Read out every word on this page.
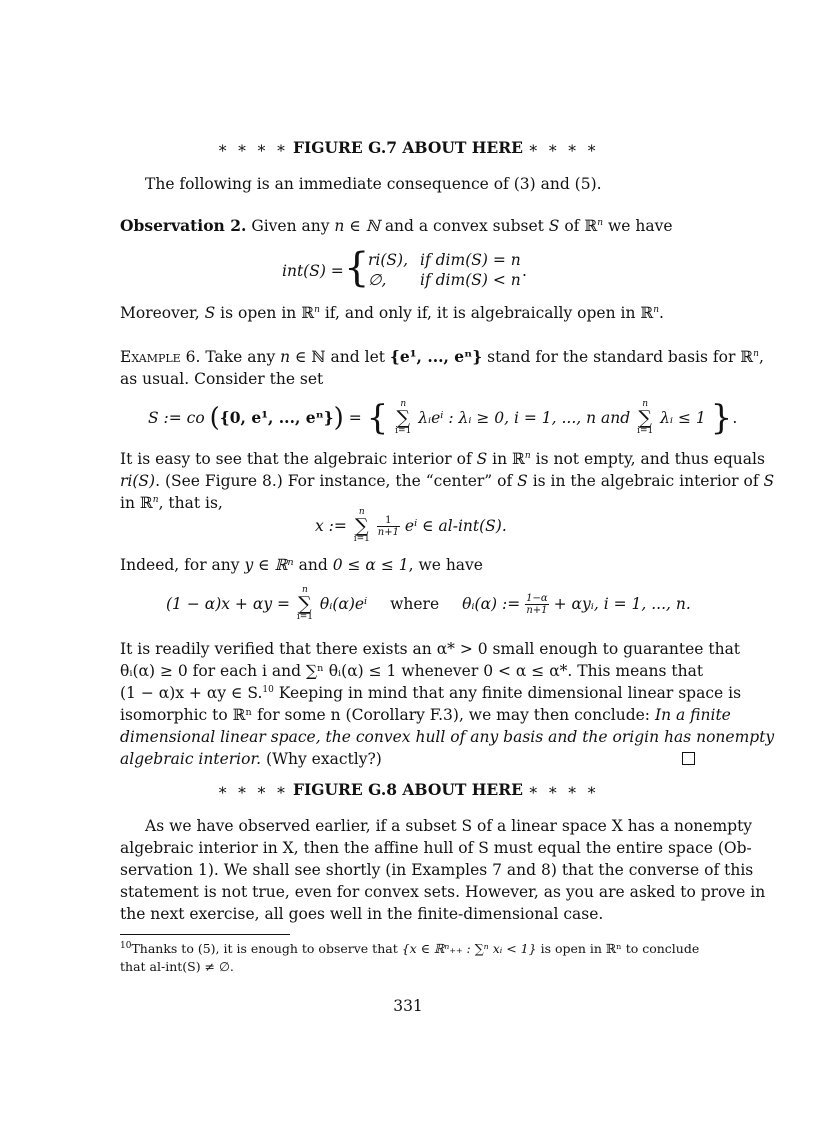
∗ ∗ ∗ ∗ FIGURE G.7 ABOUT HERE ∗ ∗ ∗ ∗
The following is an immediate consequence of (3) and (5).
Observation 2. Given any n ∈ ℕ and a convex subset S of ℝ$^n$ we have
int(S) = {
ri(S), if dim(S) = n
∅, if dim(S) < n .
Moreover, S is open in ℝ$^n$ if, and only if, it is algebraically open in ℝ$^n$.
Example 6. Take any n ∈ ℕ and let {e¹, ..., eⁿ} stand for the standard basis for ℝ$^n$,
as usual. Consider the set
S := co ({0, e¹, ..., eⁿ}) = {	n
∑
i=1
λᵢeⁱ : λᵢ ≥ 0, i = 1, ..., n and
n
∑
i=1
λᵢ ≤ 1 }.
It is easy to see that the algebraic interior of S in ℝ$^n$ is not empty, and thus equals
ri(S). (See Figure 8.) For instance, the “center” of S is in the algebraic interior of S
in ℝ$^n$, that is,
x :=
n
∑
i=1

$\frac{1}{n+1}$ eⁱ ∈ al-int(S).
Indeed, for any y ∈ ℝⁿ and 0 ≤ α ≤ 1, we have
(1 − α)x + αy =
n
∑
i=1
θᵢ(α)eⁱ where θᵢ(α) := $\frac{1-\alpha}{n+1}$ + αyᵢ, i = 1, ..., n.
It is readily verified that there exists an α* > 0 small enough to guarantee that
θᵢ(α) ≥ 0 for each i and ∑ⁿ θᵢ(α) ≤ 1 whenever 0 < α ≤ α*. This means that
(1 − α)x + αy ∈ S.$^{10}$ Keeping in mind that any finite dimensional linear space is
isomorphic to ℝⁿ for some n (Corollary F.3), we may then conclude: In a finite
dimensional linear space, the convex hull of any basis and the origin has nonempty
algebraic interior. (Why exactly?)
∗ ∗ ∗ ∗ FIGURE G.8 ABOUT HERE ∗ ∗ ∗ ∗
As we have observed earlier, if a subset S of a linear space X has a nonempty
algebraic interior in X, then the affine hull of S must equal the entire space (Ob-
servation 1). We shall see shortly (in Examples 7 and 8) that the converse of this
statement is not true, even for convex sets. However, as you are asked to prove in
the next exercise, all goes well in the finite-dimensional case.
$^{10}$Thanks to (5), it is enough to observe that {x ∈ ℝⁿ₊₊ : ∑ⁿ xᵢ < 1} is open in ℝⁿ to conclude
that al-int(S) ≠ ∅.
331
